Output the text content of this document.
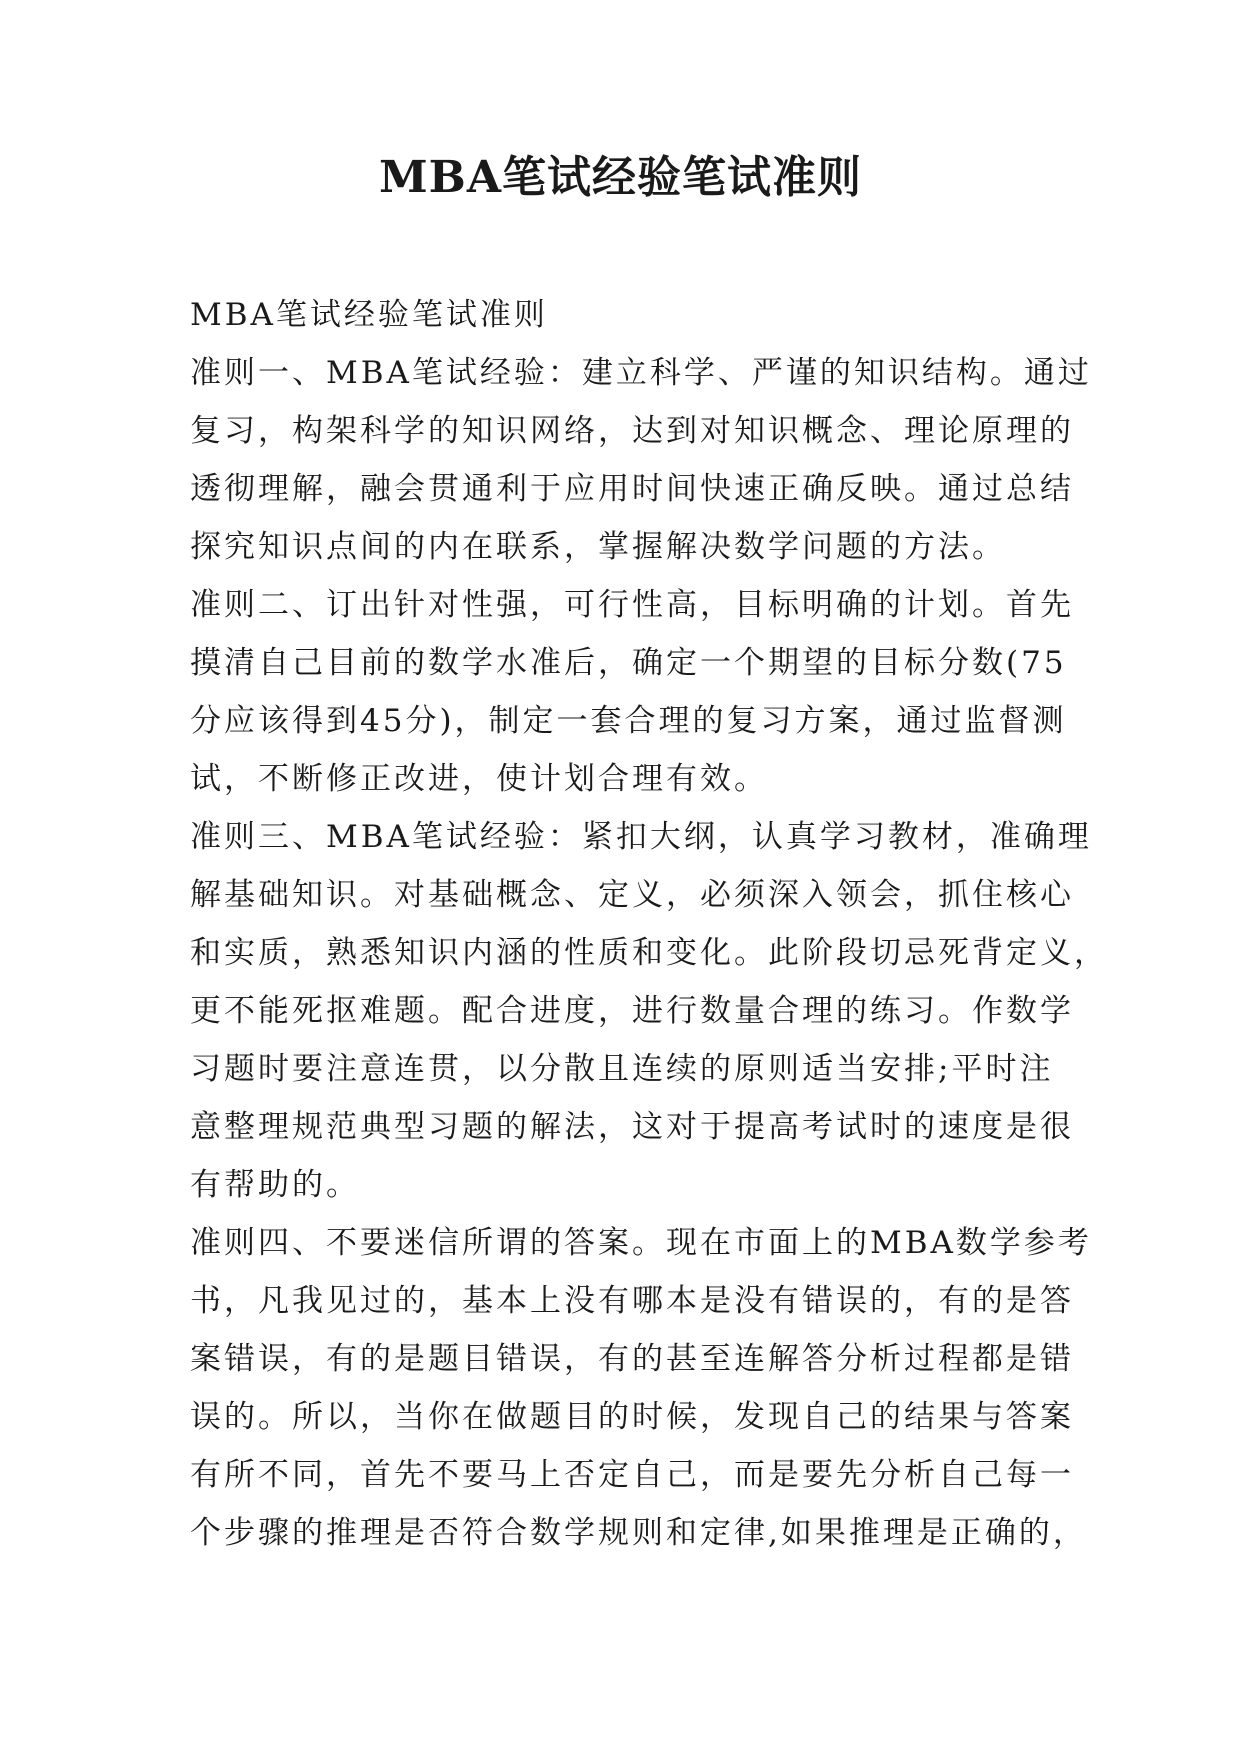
MBA笔试经验笔试准则
MBA笔试经验笔试准则
准则一、MBA笔试经验：建立科学、严谨的知识结构。通过
复习，构架科学的知识网络，达到对知识概念、理论原理的
透彻理解，融会贯通利于应用时间快速正确反映。通过总结
探究知识点间的内在联系，掌握解决数学问题的方法。
准则二、订出针对性强，可行性高，目标明确的计划。首先
摸清自己目前的数学水准后，确定一个期望的目标分数(75
分应该得到45分)，制定一套合理的复习方案，通过监督测
试，不断修正改进，使计划合理有效。
准则三、MBA笔试经验：紧扣大纲，认真学习教材，准确理
解基础知识。对基础概念、定义，必须深入领会，抓住核心
和实质，熟悉知识内涵的性质和变化。此阶段切忌死背定义，
更不能死抠难题。配合进度，进行数量合理的练习。作数学
习题时要注意连贯，以分散且连续的原则适当安排;平时注
意整理规范典型习题的解法，这对于提高考试时的速度是很
有帮助的。
准则四、不要迷信所谓的答案。现在市面上的MBA数学参考
书，凡我见过的，基本上没有哪本是没有错误的，有的是答
案错误，有的是题目错误，有的甚至连解答分析过程都是错
误的。所以，当你在做题目的时候，发现自己的结果与答案
有所不同，首先不要马上否定自己，而是要先分析自己每一
个步骤的推理是否符合数学规则和定律,如果推理是正确的，
